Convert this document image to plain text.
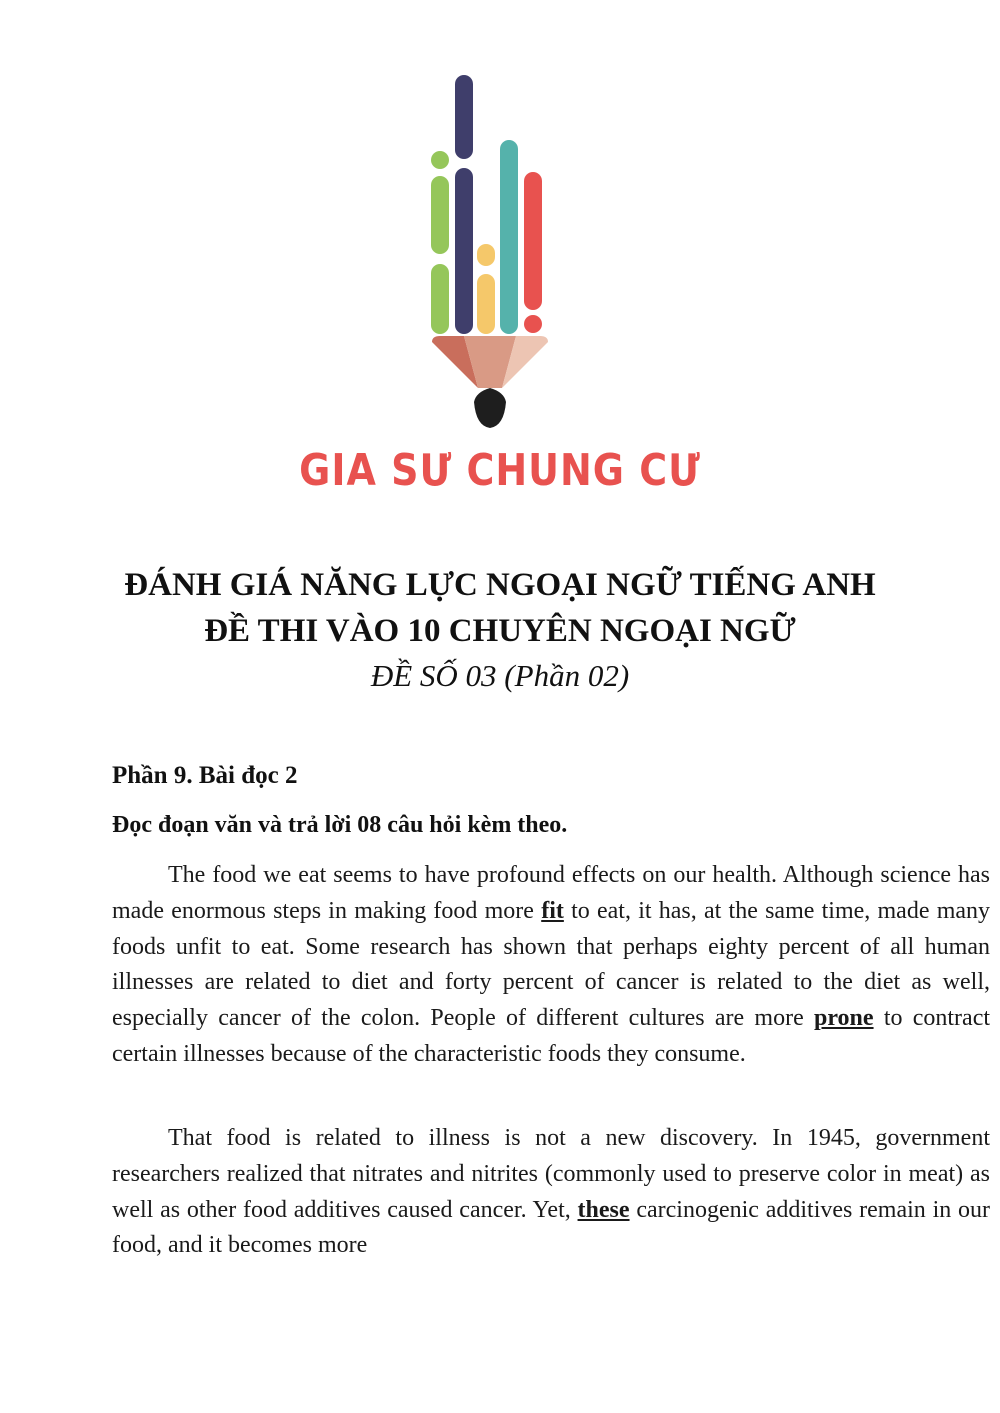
GIA SƯ CHUNG CƯ
ĐÁNH GIÁ NĂNG LỰC NGOẠI NGỮ TIẾNG ANH
ĐỀ THI VÀO 10 CHUYÊN NGOẠI NGỮ
ĐỀ SỐ 03 (Phần 02)
Phần 9. Bài đọc 2
Đọc đoạn văn và trả lời 08 câu hỏi kèm theo.
The food we eat seems to have profound effects on our health. Although science has made enormous steps in making food more fit to eat, it has, at the same time, made many foods unfit to eat. Some research has shown that perhaps eighty percent of all human illnesses are related to diet and forty percent of cancer is related to the diet as well, especially cancer of the colon. People of different cultures are more prone to contract certain illnesses because of the characteristic foods they consume.
That food is related to illness is not a new discovery. In 1945, government researchers realized that nitrates and nitrites (commonly used to preserve color in meat) as well as other food additives caused cancer. Yet, these carcinogenic additives remain in our food, and it becomes more
